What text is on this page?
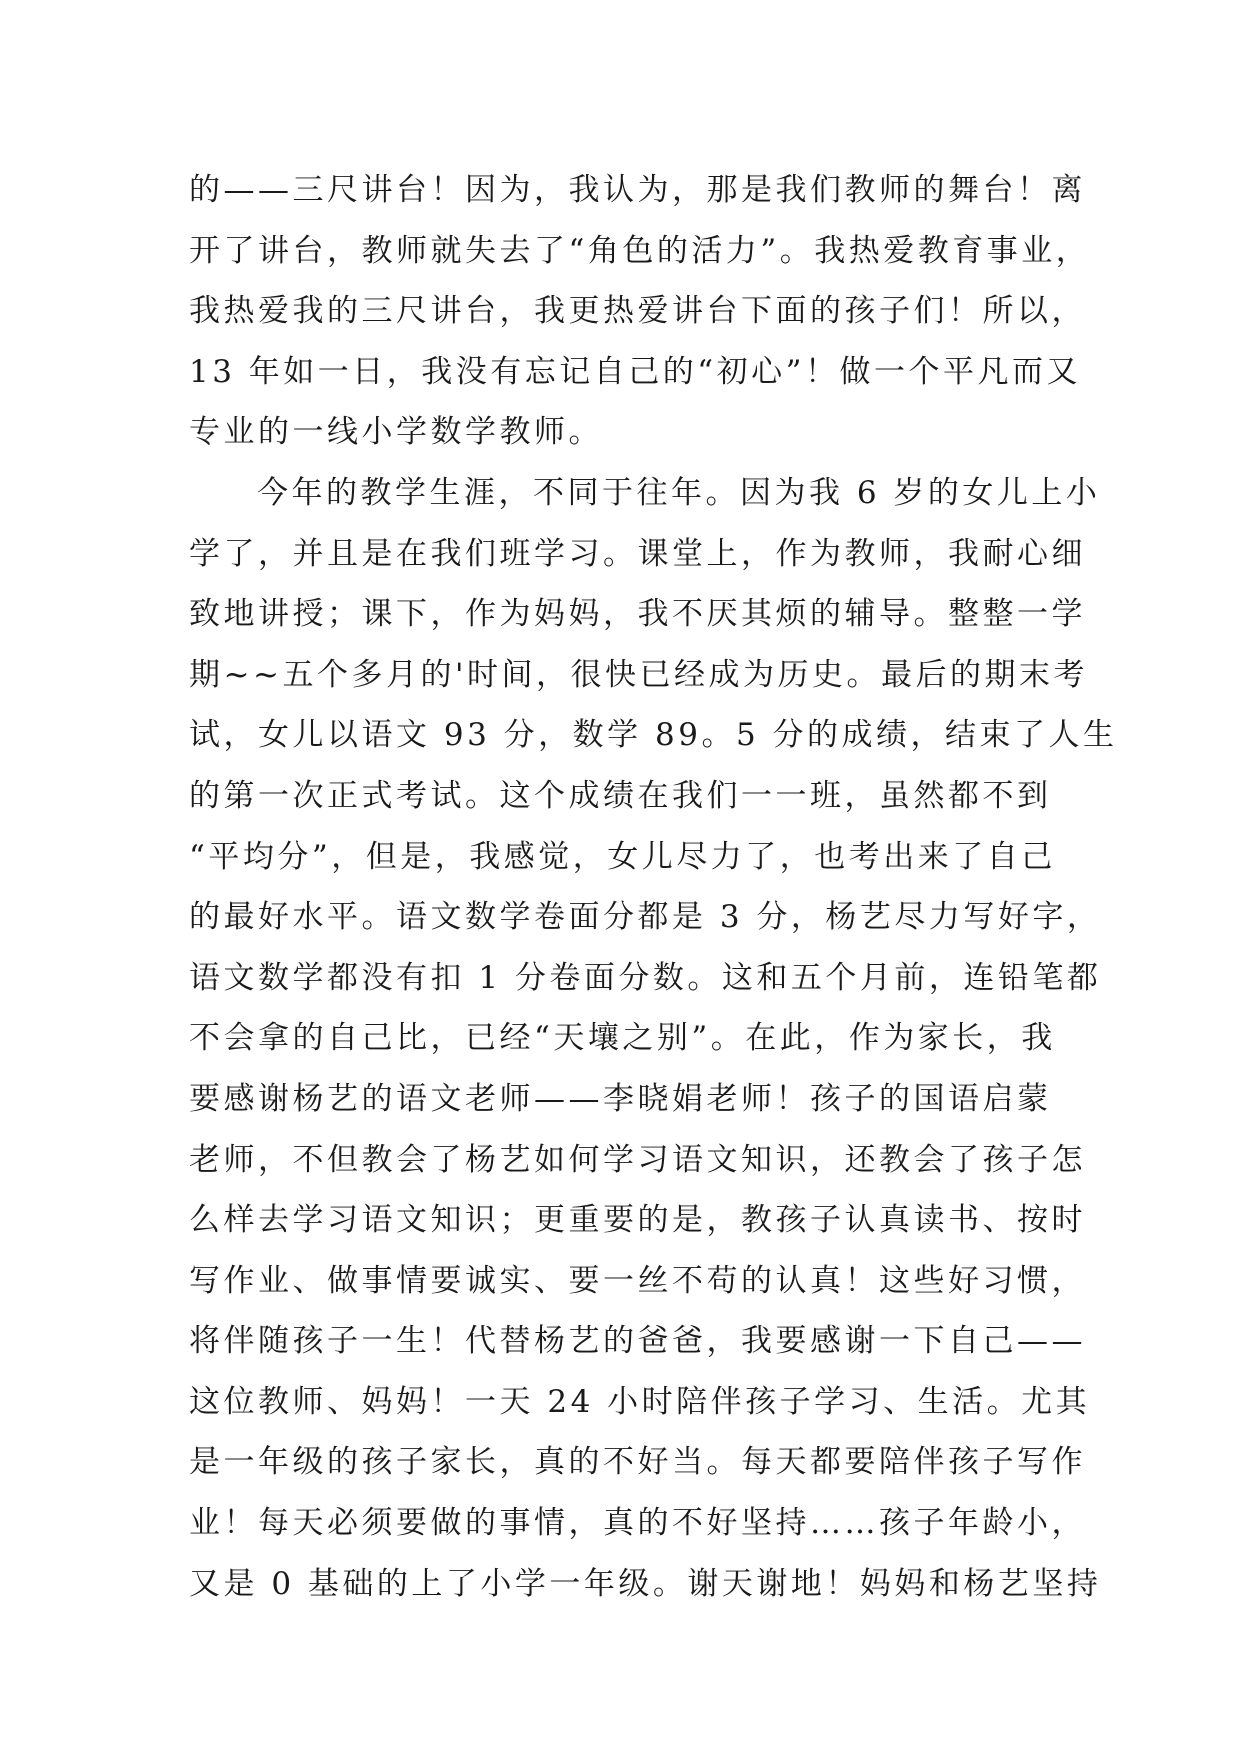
的——三尺讲台！因为，我认为，那是我们教师的舞台！离
开了讲台，教师就失去了“角色的活力”。我热爱教育事业，
我热爱我的三尺讲台，我更热爱讲台下面的孩子们！所以，
13 年如一日，我没有忘记自己的“初心”！做一个平凡而又
专业的一线小学数学教师。
今年的教学生涯，不同于往年。因为我 6 岁的女儿上小
学了，并且是在我们班学习。课堂上，作为教师，我耐心细
致地讲授；课下，作为妈妈，我不厌其烦的辅导。整整一学
期~~五个多月的'时间，很快已经成为历史。最后的期末考
试，女儿以语文 93 分，数学 89。5 分的成绩，结束了人生
的第一次正式考试。这个成绩在我们一一班，虽然都不到
“平均分”，但是，我感觉，女儿尽力了，也考出来了自己
的最好水平。语文数学卷面分都是 3 分，杨艺尽力写好字，
语文数学都没有扣 1 分卷面分数。这和五个月前，连铅笔都
不会拿的自己比，已经“天壤之别”。在此，作为家长，我
要感谢杨艺的语文老师——李晓娟老师！孩子的国语启蒙
老师，不但教会了杨艺如何学习语文知识，还教会了孩子怎
么样去学习语文知识；更重要的是，教孩子认真读书、按时
写作业、做事情要诚实、要一丝不苟的认真！这些好习惯，
将伴随孩子一生！代替杨艺的爸爸，我要感谢一下自己——
这位教师、妈妈！一天 24 小时陪伴孩子学习、生活。尤其
是一年级的孩子家长，真的不好当。每天都要陪伴孩子写作
业！每天必须要做的事情，真的不好坚持……孩子年龄小，
又是 0 基础的上了小学一年级。谢天谢地！妈妈和杨艺坚持
